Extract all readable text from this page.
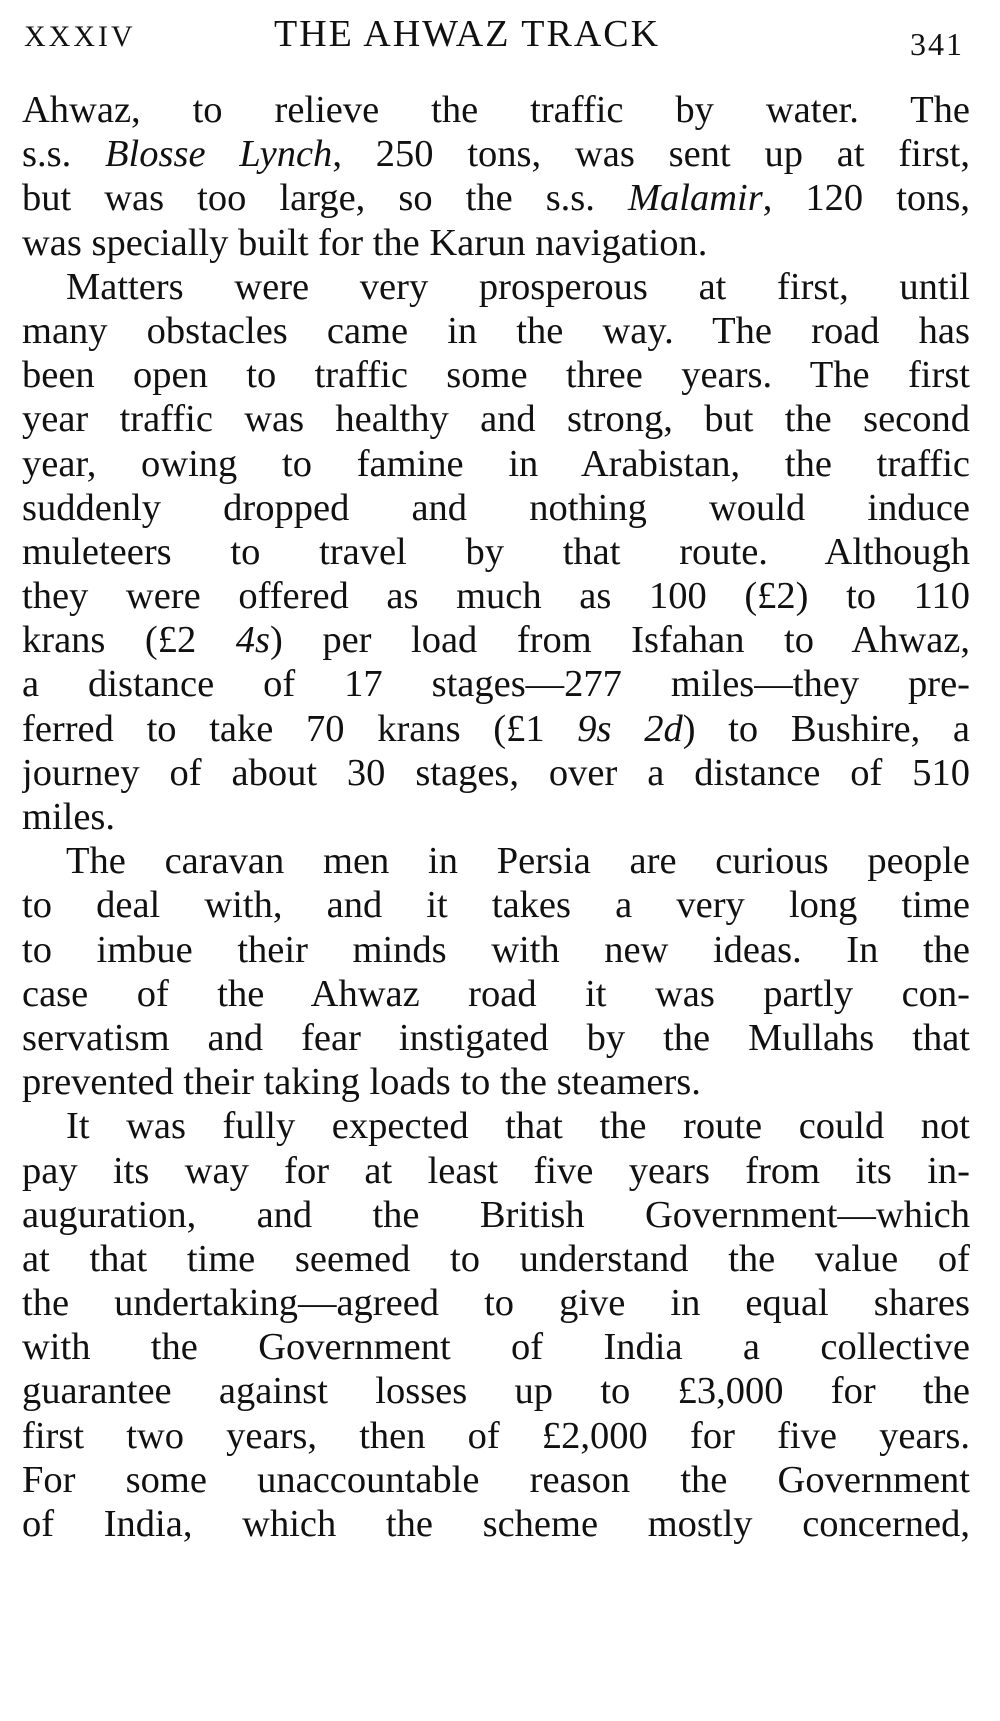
XXXIV	THE AHWAZ TRACK	341
Ahwaz, to relieve the traffic by water. The
s.s. Blosse Lynch, 250 tons, was sent up at first,
but was too large, so the s.s. Malamir, 120 tons,
was specially built for the Karun navigation.
Matters were very prosperous at first, until
many obstacles came in the way. The road has
been open to traffic some three years. The first
year traffic was healthy and strong, but the second
year, owing to famine in Arabistan, the traffic
suddenly dropped and nothing would induce
muleteers to travel by that route. Although
they were offered as much as 100 (£2) to 110
krans (£2 4s) per load from Isfahan to Ahwaz,
a distance of 17 stages—277 miles—they pre-
ferred to take 70 krans (£1 9s 2d) to Bushire, a
journey of about 30 stages, over a distance of 510
miles.
The caravan men in Persia are curious people
to deal with, and it takes a very long time
to imbue their minds with new ideas. In the
case of the Ahwaz road it was partly con-
servatism and fear instigated by the Mullahs that
prevented their taking loads to the steamers.
It was fully expected that the route could not
pay its way for at least five years from its in-
auguration, and the British Government—which
at that time seemed to understand the value of
the undertaking—agreed to give in equal shares
with the Government of India a collective
guarantee against losses up to £3,000 for the
first two years, then of £2,000 for five years.
For some unaccountable reason the Government
of India, which the scheme mostly concerned,
